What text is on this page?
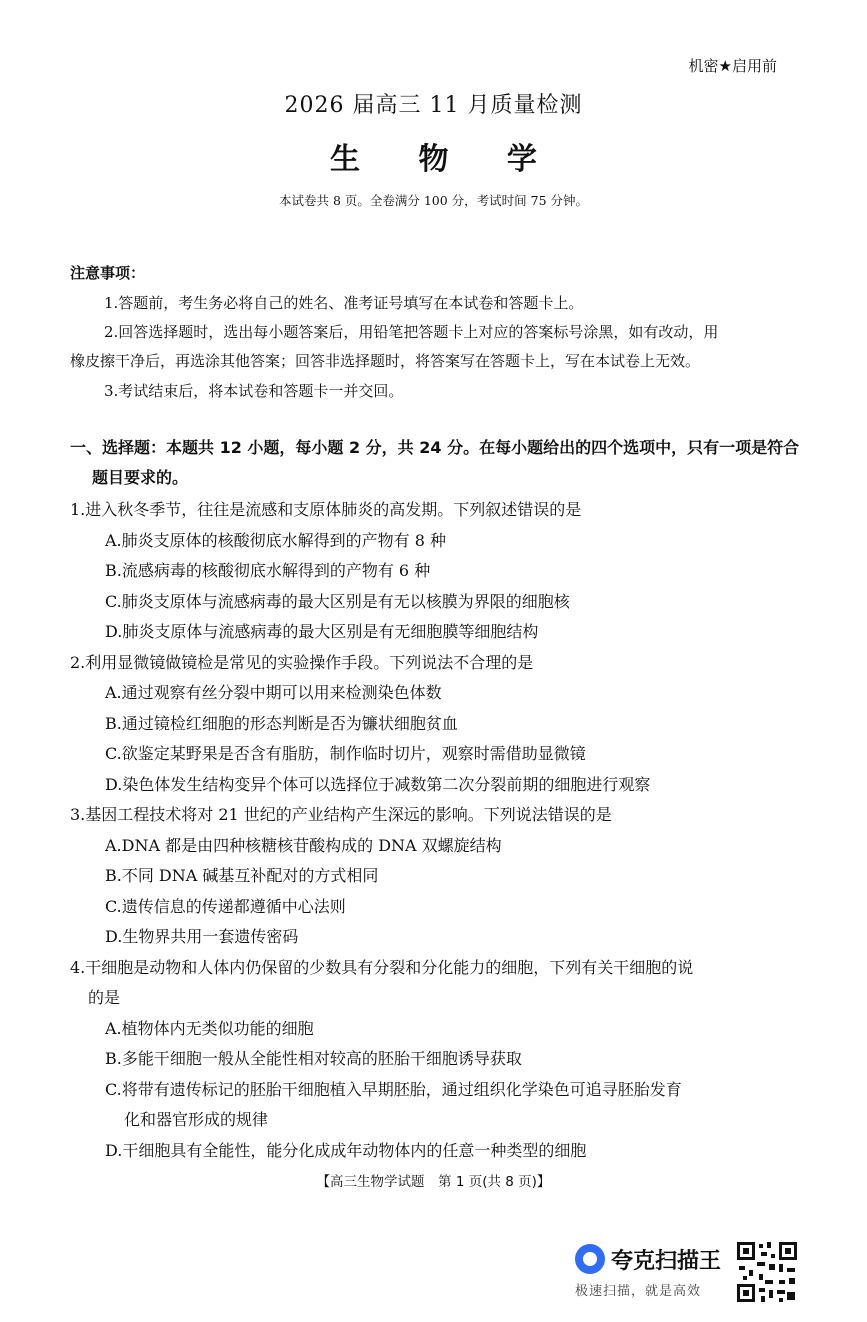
机密★启用前
2026 届高三 11 月质量检测
生 物 学
本试卷共 8 页。全卷满分 100 分，考试时间 75 分钟。
注意事项：
1.答题前，考生务必将自己的姓名、准考证号填写在本试卷和答题卡上。
2.回答选择题时，选出每小题答案后，用铅笔把答题卡上对应的答案标号涂黑，如有改动，用
橡皮擦干净后，再选涂其他答案；回答非选择题时，将答案写在答题卡上，写在本试卷上无效。
3.考试结束后，将本试卷和答题卡一并交回。
一、选择题：本题共 12 小题，每小题 2 分，共 24 分。在每小题给出的四个选项中，只有一项是符合
题目要求的。
1.进入秋冬季节，往往是流感和支原体肺炎的高发期。下列叙述错误的是
A.肺炎支原体的核酸彻底水解得到的产物有 8 种
B.流感病毒的核酸彻底水解得到的产物有 6 种
C.肺炎支原体与流感病毒的最大区别是有无以核膜为界限的细胞核
D.肺炎支原体与流感病毒的最大区别是有无细胞膜等细胞结构
2.利用显微镜做镜检是常见的实验操作手段。下列说法不合理的是
A.通过观察有丝分裂中期可以用来检测染色体数
B.通过镜检红细胞的形态判断是否为镰状细胞贫血
C.欲鉴定某野果是否含有脂肪，制作临时切片，观察时需借助显微镜
D.染色体发生结构变异个体可以选择位于减数第二次分裂前期的细胞进行观察
3.基因工程技术将对 21 世纪的产业结构产生深远的影响。下列说法错误的是
A.DNA 都是由四种核糖核苷酸构成的 DNA 双螺旋结构
B.不同 DNA 碱基互补配对的方式相同
C.遗传信息的传递都遵循中心法则
D.生物界共用一套遗传密码
4.干细胞是动物和人体内仍保留的少数具有分裂和分化能力的细胞，下列有关干细胞的说
的是
A.植物体内无类似功能的细胞
B.多能干细胞一般从全能性相对较高的胚胎干细胞诱导获取
C.将带有遗传标记的胚胎干细胞植入早期胚胎，通过组织化学染色可追寻胚胎发育
化和器官形成的规律
D.干细胞具有全能性，能分化成成年动物体内的任意一种类型的细胞
【高三生物学试题　第 1 页(共 8 页)】
夸克扫描王
极速扫描，就是高效
